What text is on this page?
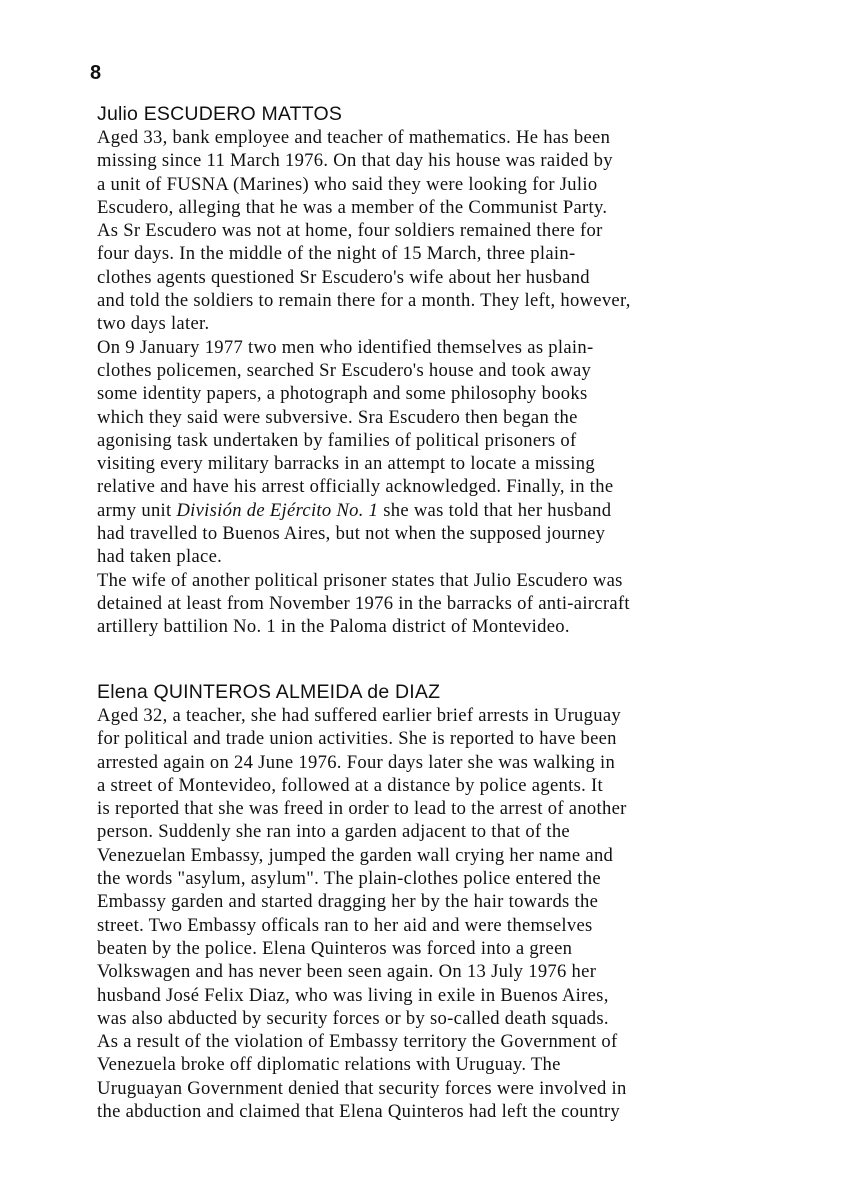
8
Julio ESCUDERO MATTOS
Aged 33, bank employee and teacher of mathematics. He has been
missing since 11 March 1976. On that day his house was raided by
a unit of FUSNA (Marines) who said they were looking for Julio
Escudero, alleging that he was a member of the Communist Party.
As Sr Escudero was not at home, four soldiers remained there for
four days. In the middle of the night of 15 March, three plain-
clothes agents questioned Sr Escudero's wife about her husband
and told the soldiers to remain there for a month. They left, however,
two days later.
On 9 January 1977 two men who identified themselves as plain-
clothes policemen, searched Sr Escudero's house and took away
some identity papers, a photograph and some philosophy books
which they said were subversive. Sra Escudero then began the
agonising task undertaken by families of political prisoners of
visiting every military barracks in an attempt to locate a missing
relative and have his arrest officially acknowledged. Finally, in the
army unit División de Ejército No. 1 she was told that her husband
had travelled to Buenos Aires, but not when the supposed journey
had taken place.
The wife of another political prisoner states that Julio Escudero was
detained at least from November 1976 in the barracks of anti-aircraft
artillery battilion No. 1 in the Paloma district of Montevideo.
Elena QUINTEROS ALMEIDA de DIAZ
Aged 32, a teacher, she had suffered earlier brief arrests in Uruguay
for political and trade union activities. She is reported to have been
arrested again on 24 June 1976. Four days later she was walking in
a street of Montevideo, followed at a distance by police agents. It
is reported that she was freed in order to lead to the arrest of another
person. Suddenly she ran into a garden adjacent to that of the
Venezuelan Embassy, jumped the garden wall crying her name and
the words "asylum, asylum". The plain-clothes police entered the
Embassy garden and started dragging her by the hair towards the
street. Two Embassy officals ran to her aid and were themselves
beaten by the police. Elena Quinteros was forced into a green
Volkswagen and has never been seen again. On 13 July 1976 her
husband José Felix Diaz, who was living in exile in Buenos Aires,
was also abducted by security forces or by so-called death squads.
As a result of the violation of Embassy territory the Government of
Venezuela broke off diplomatic relations with Uruguay. The
Uruguayan Government denied that security forces were involved in
the abduction and claimed that Elena Quinteros had left the country
